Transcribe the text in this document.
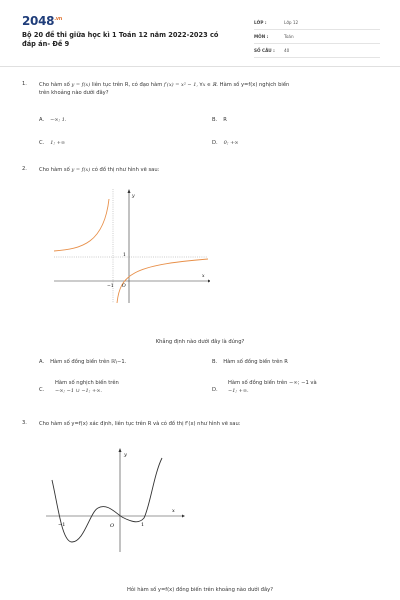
$2048^{.vn}$
Bộ 20 đề thi giữa học kì 1 Toán 12 năm 2022-2023 có đáp án- Đề 9
LỚP :	Lớp 12
MÔN :	Toán
SỐ CÂU :	40
1. Cho hàm số y = f(x) liên tục trên R, có đạo hàm f′(x) = x² − 1, ∀x ∈ ℝ. Hàm số y=f(x) nghịch biến
trên khoảng nào dưới đây?
A. −∞; 1.	B. R
C. 1; +∞	D. 0; +∞
2. Cho hàm số y = f(x) có đồ thị như hình vẽ sau:
y
x
1
O
−1
Khẳng định nào dưới đây là đúng?
A. Hàm số đồng biến trên ℝ\−1.	B. Hàm số đồng biến trên R
C.
Hàm số nghịch biến trên
−∞; −1 ∪ −1; +∞.	D.
Hàm số đồng biến trên −∞; −1 và
−1; +∞.
3. Cho hàm số y=f(x) xác định, liên tục trên R và có đồ thị f'(x) như hình vẽ sau:
y
x
−1	O	1
Hỏi hàm số y=f(x) đồng biến trên khoảng nào dưới đây?
